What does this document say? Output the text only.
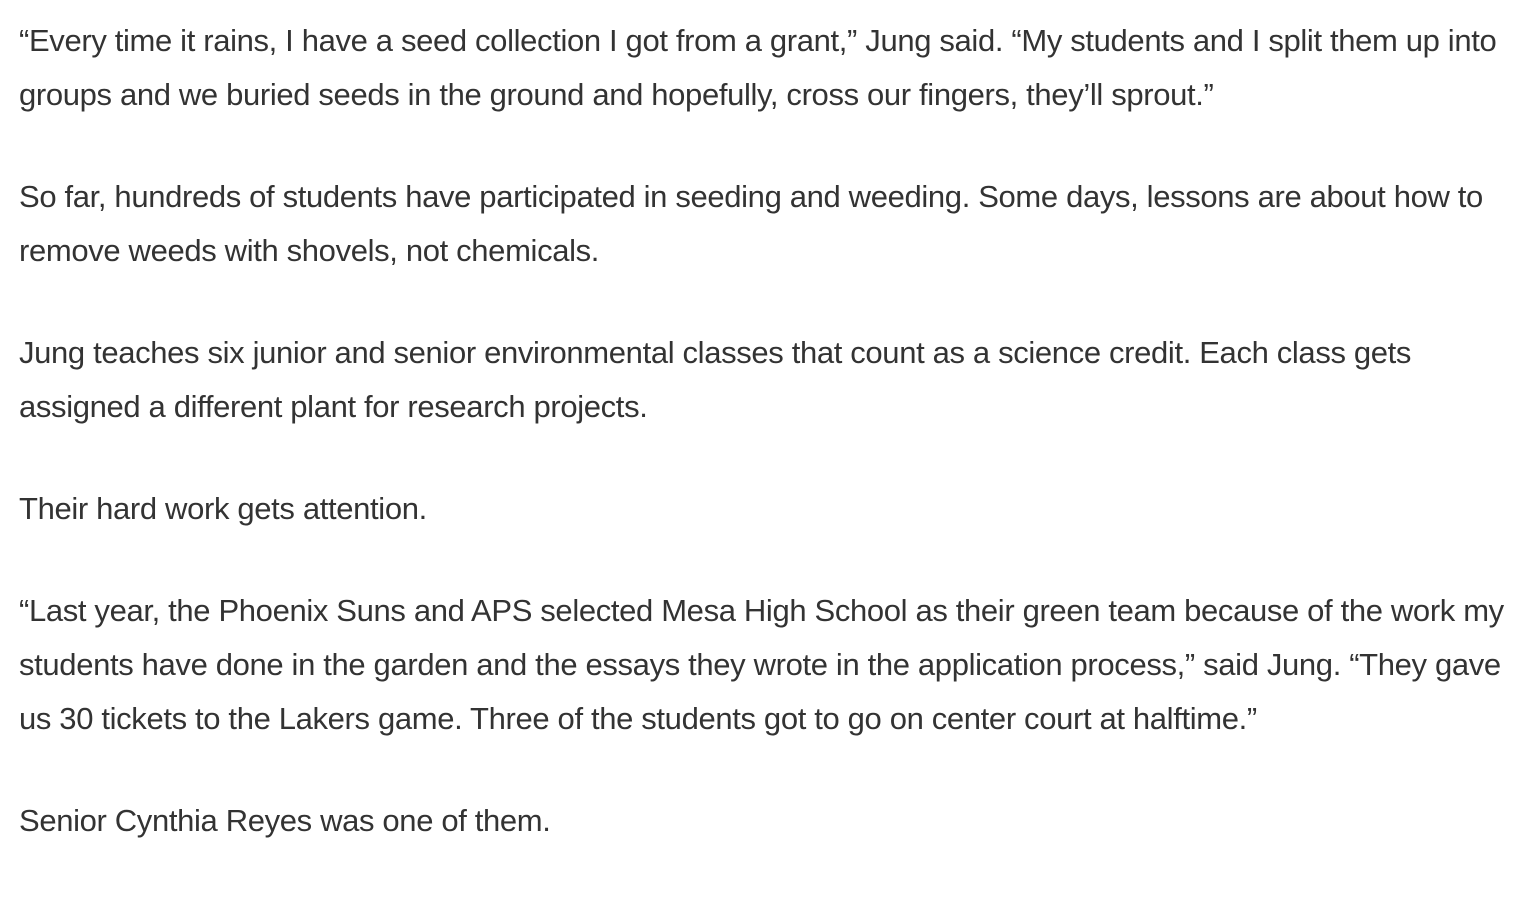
“Every time it rains, I have a seed collection I got from a grant,” Jung said. “My students and I split them up into groups and we buried seeds in the ground and hopefully, cross our fingers, they’ll sprout.”

So far, hundreds of students have participated in seeding and weeding. Some days, lessons are about how to remove weeds with shovels, not chemicals.

Jung teaches six junior and senior environmental classes that count as a science credit. Each class gets assigned a different plant for research projects.

Their hard work gets attention.

“Last year, the Phoenix Suns and APS selected Mesa High School as their green team because of the work my students have done in the garden and the essays they wrote in the application process,” said Jung. “They gave us 30 tickets to the Lakers game. Three of the students got to go on center court at halftime.”

Senior Cynthia Reyes was one of them.
